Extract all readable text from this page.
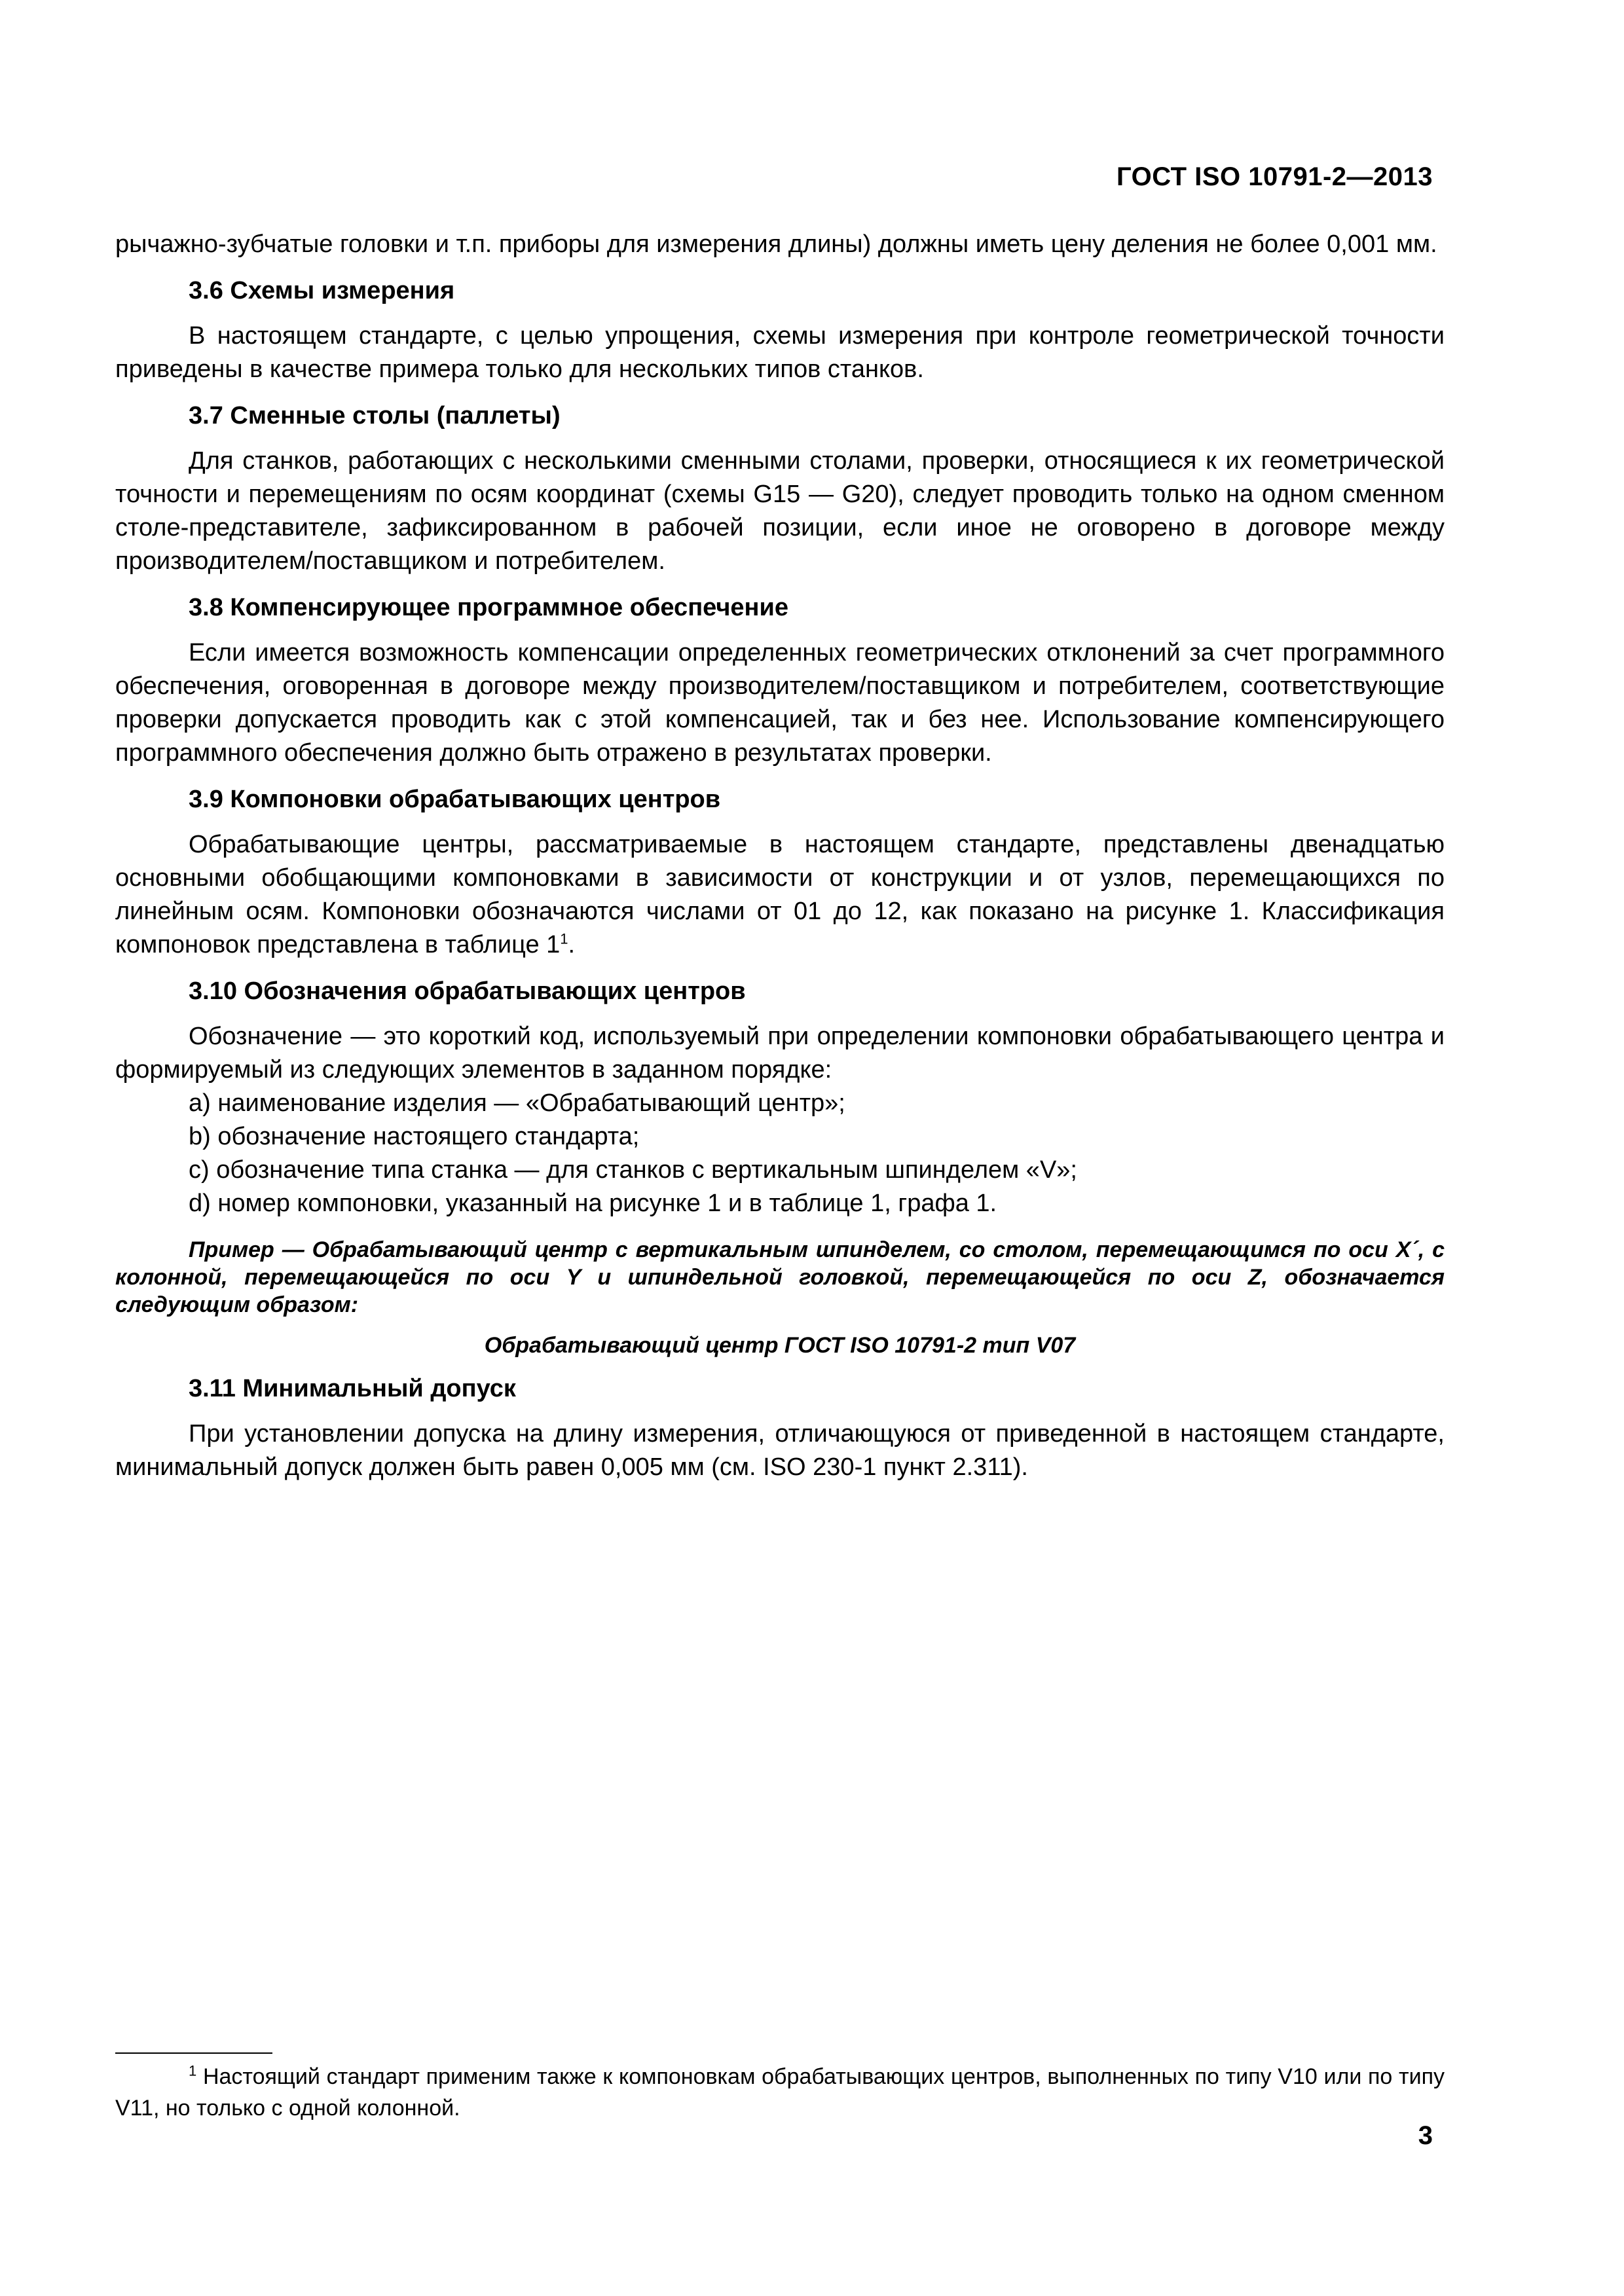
ГОСТ ISO 10791-2—2013

рычажно-зубчатые головки и т.п. приборы для измерения длины) должны иметь цену деления не более 0,001 мм.

3.6 Схемы измерения

В настоящем стандарте, с целью упрощения, схемы измерения при контроле геометрической точности приведены в качестве примера только для нескольких типов станков.

3.7 Сменные столы (паллеты)

Для станков, работающих с несколькими сменными столами, проверки, относящиеся к их геометрической точности и перемещениям по осям координат (схемы G15 — G20), следует проводить только на одном сменном столе-представителе, зафиксированном в рабочей позиции, если иное не оговорено в договоре между производителем/поставщиком и потребителем.

3.8 Компенсирующее программное обеспечение

Если имеется возможность компенсации определенных геометрических отклонений за счет программного обеспечения, оговоренная в договоре между производителем/поставщиком и потребителем, соответствующие проверки допускается проводить как с этой компенсацией, так и без нее. Использование компенсирующего программного обеспечения должно быть отражено в результатах проверки.

3.9 Компоновки обрабатывающих центров

Обрабатывающие центры, рассматриваемые в настоящем стандарте, представлены двенадцатью основными обобщающими компоновками в зависимости от конструкции и от узлов, перемещающихся по линейным осям. Компоновки обозначаются числами от 01 до 12, как показано на рисунке 1. Классификация компоновок представлена в таблице $1^1$.

3.10 Обозначения обрабатывающих центров

Обозначение — это короткий код, используемый при определении компоновки обрабатывающего центра и формируемый из следующих элементов в заданном порядке:

a) наименование изделия — «Обрабатывающий центр»;

b) обозначение настоящего стандарта;

c) обозначение типа станка — для станков с вертикальным шпинделем «V»;

d) номер компоновки, указанный на рисунке 1 и в таблице 1, графа 1.

Пример — Обрабатывающий центр с вертикальным шпинделем, со столом, перемещающимся по оси X´, с колонной, перемещающейся по оси Y и шпиндельной головкой, перемещающейся по оси Z, обозначается следующим образом:

Обрабатывающий центр ГОСТ ISO 10791-2 тип V07

3.11 Минимальный допуск

При установлении допуска на длину измерения, отличающуюся от приведенной в настоящем стандарте, минимальный допуск должен быть равен 0,005 мм (см. ISO 230-1 пункт 2.311).

$^1$ Настоящий стандарт применим также к компоновкам обрабатывающих центров, выполненных по типу V10 или по типу V11, но только с одной колонной.

3
